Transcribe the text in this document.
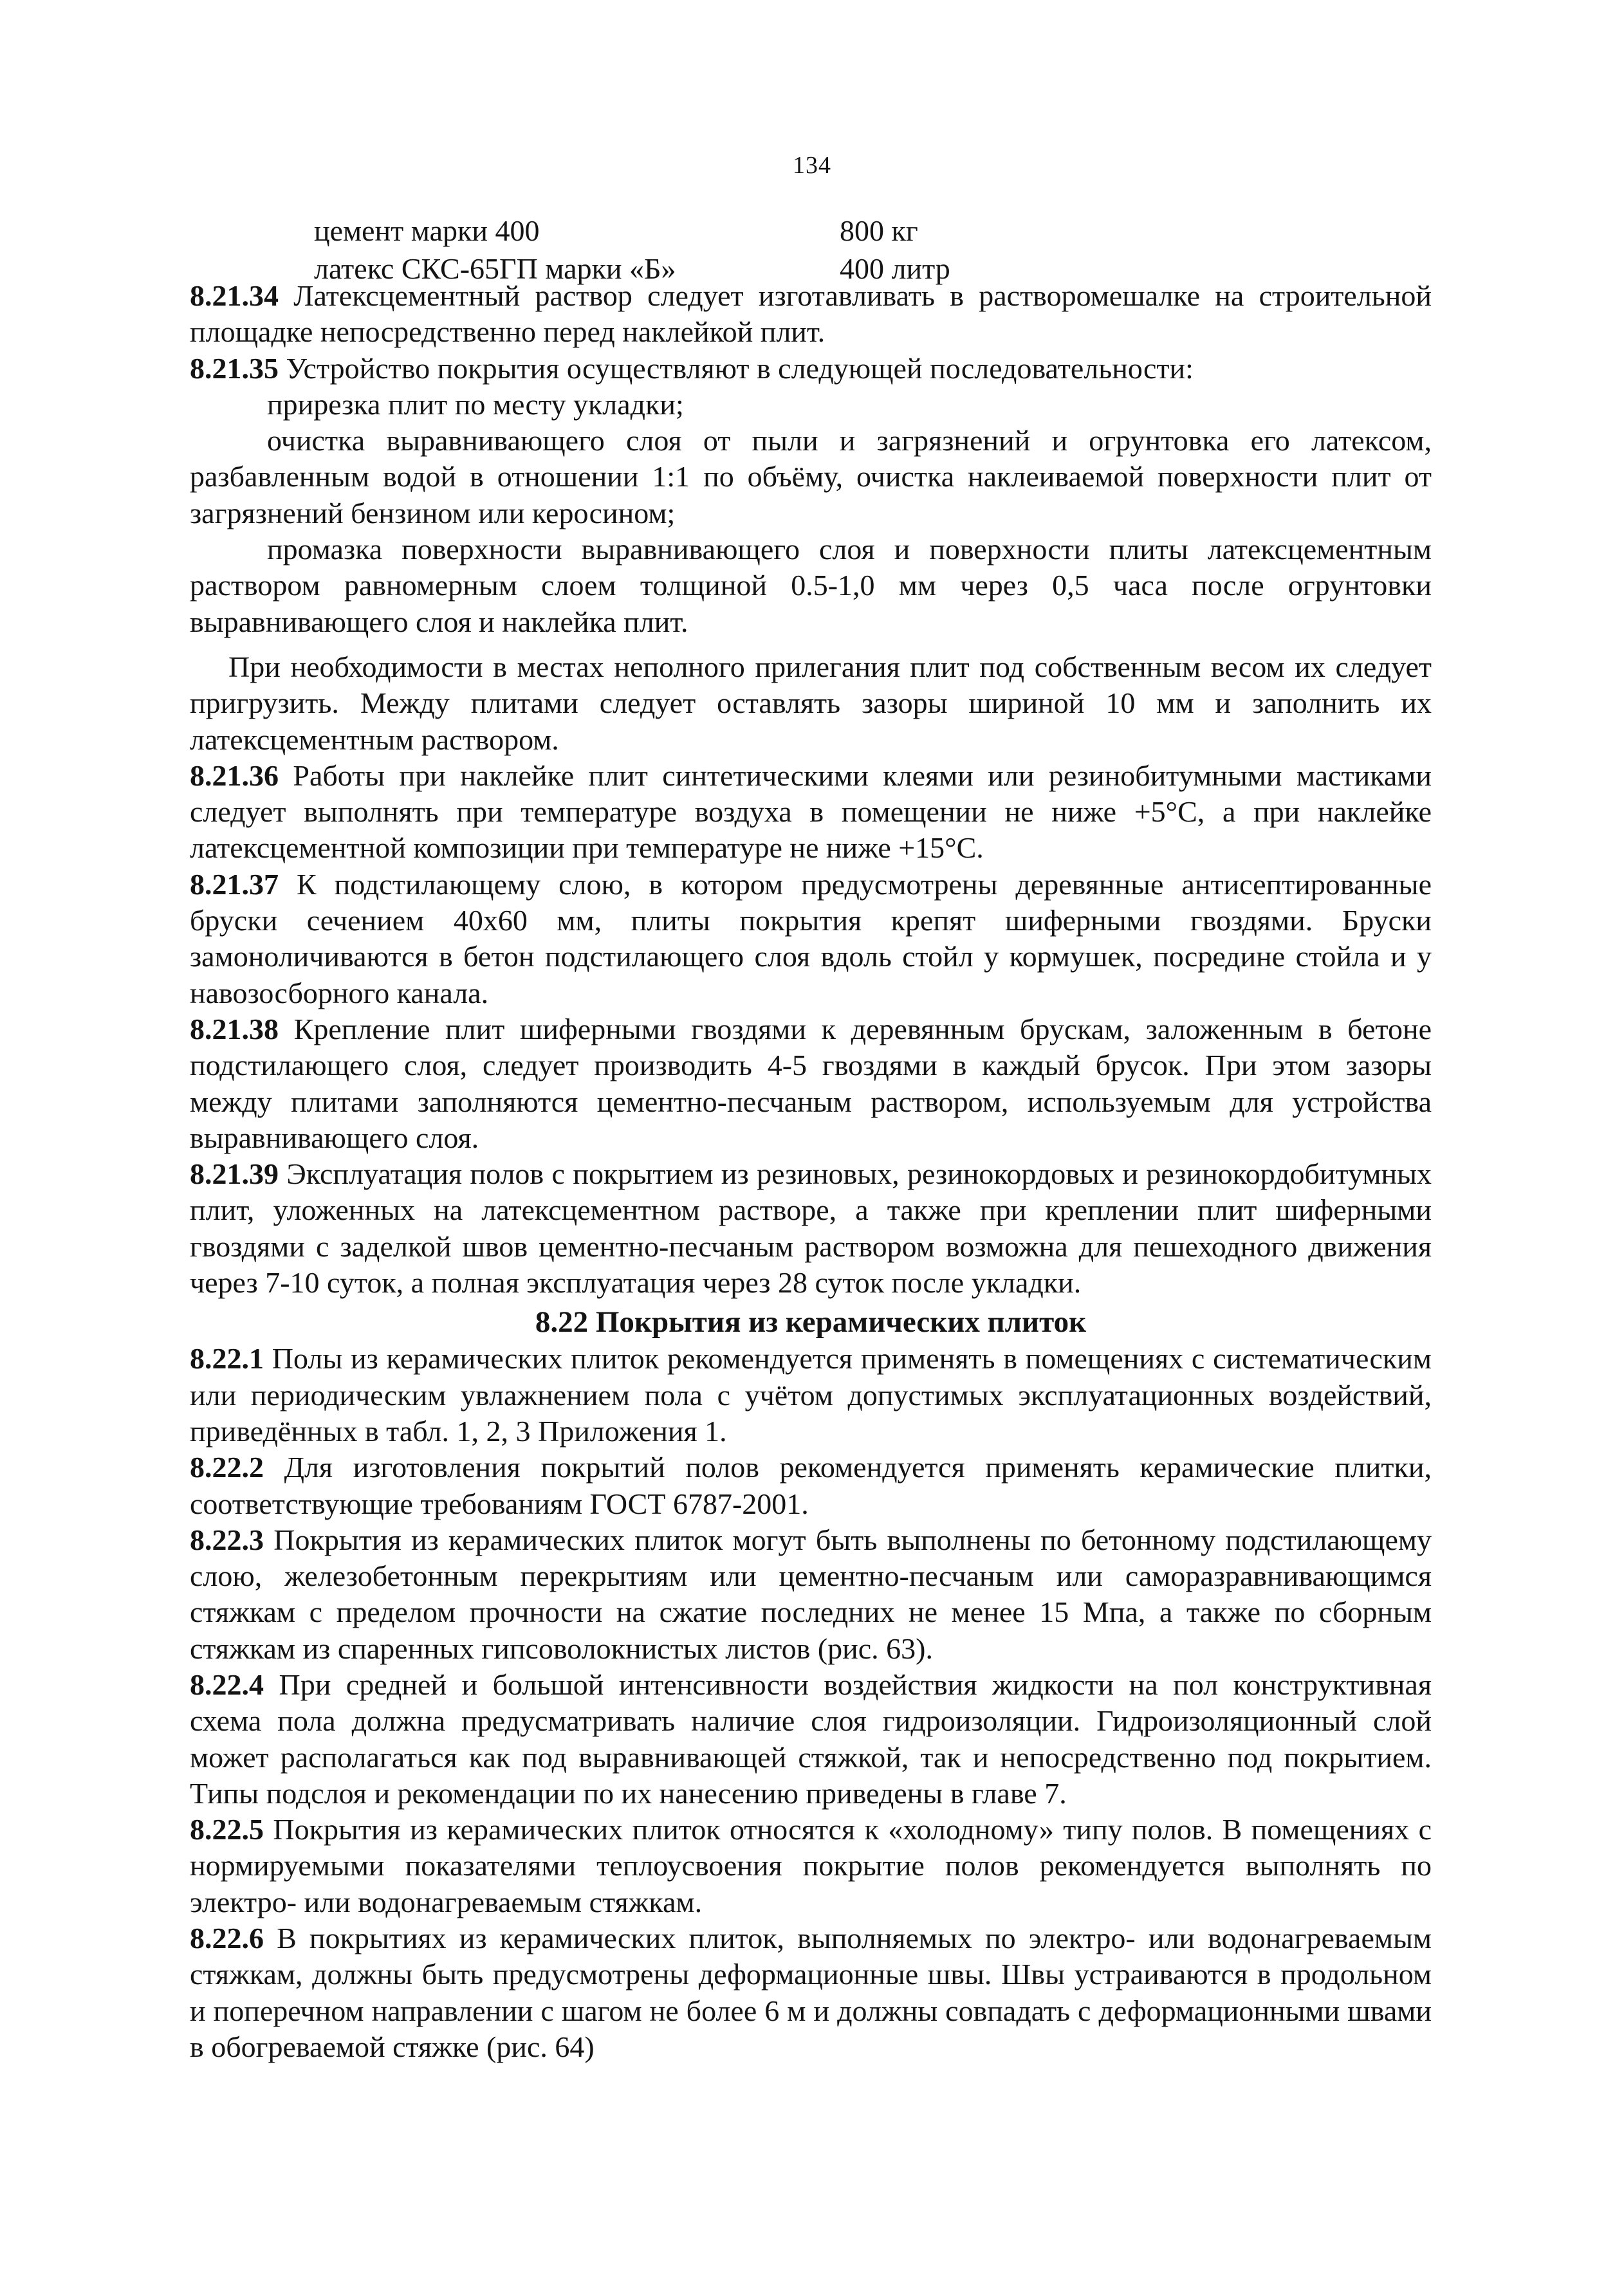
134
цемент марки 400	800 кг
латекс СКС-65ГП марки «Б»	400 литр

8.21.34 Латексцементный раствор следует изготавливать в растворомешалке на строительной площадке непосредственно перед наклейкой плит.

8.21.35 Устройство покрытия осуществляют в следующей последовательности:

прирезка плит по месту укладки;

очистка выравнивающего слоя от пыли и загрязнений и огрунтовка его латексом, разбавленным водой в отношении 1:1 по объёму, очистка наклеиваемой поверхности плит от загрязнений бензином или керосином;

промазка поверхности выравнивающего слоя и поверхности плиты латексцементным раствором равномерным слоем толщиной 0.5-1,0 мм через 0,5 часа после огрунтовки выравнивающего слоя и наклейка плит.

При необходимости в местах неполного прилегания плит под собственным весом их следует пригрузить. Между плитами следует оставлять зазоры шириной 10 мм и заполнить их латексцементным раствором.

8.21.36 Работы при наклейке плит синтетическими клеями или резинобитумными мастиками следует выполнять при температуре воздуха в помещении не ниже +5°С, а при наклейке латексцементной композиции при температуре не ниже +15°С.

8.21.37 К подстилающему слою, в котором предусмотрены деревянные антисептированные бруски сечением 40х60 мм, плиты покрытия крепят шиферными гвоздями. Бруски замоноличиваются в бетон подстилающего слоя вдоль стойл у кормушек, посредине стойла и у навозосборного канала.

8.21.38 Крепление плит шиферными гвоздями к деревянным брускам, заложенным в бетоне подстилающего слоя, следует производить 4-5 гвоздями в каждый брусок. При этом зазоры между плитами заполняются цементно-песчаным раствором, используемым для устройства выравнивающего слоя.

8.21.39 Эксплуатация полов с покрытием из резиновых, резинокордовых и резинокордобитумных плит, уложенных на латексцементном растворе, а также при креплении плит шиферными гвоздями с заделкой швов цементно-песчаным раствором возможна для пешеходного движения через 7-10 суток, а полная эксплуатация через 28 суток после укладки.

8.22 Покрытия из керамических плиток

8.22.1 Полы из керамических плиток рекомендуется применять в помещениях с систематическим или периодическим увлажнением пола с учётом допустимых эксплуатационных воздействий, приведённых в табл. 1, 2, 3 Приложения 1.

8.22.2 Для изготовления покрытий полов рекомендуется применять керамические плитки, соответствующие требованиям ГОСТ 6787-2001.

8.22.3 Покрытия из керамических плиток могут быть выполнены по бетонному подстилающему слою, железобетонным перекрытиям или цементно-песчаным или саморазравнивающимся стяжкам с пределом прочности на сжатие последних не менее 15 Мпа, а также по сборным стяжкам из спаренных гипсоволокнистых листов (рис. 63).

8.22.4 При средней и большой интенсивности воздействия жидкости на пол конструктивная схема пола должна предусматривать наличие слоя гидроизоляции. Гидроизоляционный слой может располагаться как под выравнивающей стяжкой, так и непосредственно под покрытием. Типы подслоя и рекомендации по их нанесению приведены в главе 7.

8.22.5 Покрытия из керамических плиток относятся к «холодному» типу полов. В помещениях с нормируемыми показателями теплоусвоения покрытие полов рекомендуется выполнять по электро- или водонагреваемым стяжкам.

8.22.6 В покрытиях из керамических плиток, выполняемых по электро- или водонагреваемым стяжкам, должны быть предусмотрены деформационные швы. Швы устраиваются в продольном и поперечном направлении с шагом не более 6 м и должны совпадать с деформационными швами в обогреваемой стяжке (рис. 64)
